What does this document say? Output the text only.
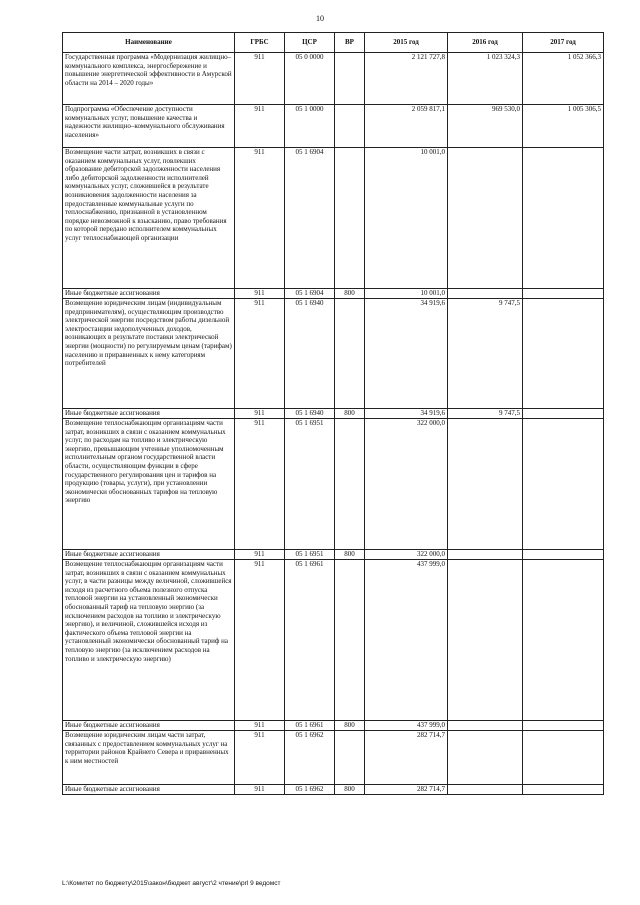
10
Наименование	ГРБС	ЦСР	ВР	2015 год	2016 год	2017 год
Государственная программа «Модернизация жилищно–коммунального комплекса, энергосбережение и повышение энергетической эффективности в Амурской области на 2014 – 2020 годы»	911	05 0 0000		2 121 727,8	1 023 324,3	1 052 366,3
Подпрограмма «Обеспечение доступности коммунальных услуг, повышение качества и надежности жилищно–коммунального обслуживания населения»	911	05 1 0000		2 059 817,1	969 530,0	1 005 306,5
Возмещение части затрат, возникших в связи с оказанием коммунальных услуг, повлекших образование дебиторской задолженности населения либо дебиторской задолженности исполнителей коммунальных услуг, сложившейся в результате возникновения задолженности населения за предоставленные коммунальные услуги по теплоснабжению, признанной в установленном порядке невозможной к взысканию, право требования по которой передано исполнителем коммунальных услуг теплоснабжающей организации	911	05 1 6904		10 001,0		
Иные бюджетные ассигнования	911	05 1 6904	800	10 001,0		
Возмещение юридическим лицам (индивидуальным предпринимателям), осуществляющим производство электрической энергии посредством работы дизельной электростанции недополученных доходов, возникающих в результате поставки электрической энергии (мощности) по регулируемым ценам (тарифам) населению и приравненных к нему категориям потребителей	911	05 1 6940		34 919,6	9 747,5	
Иные бюджетные ассигнования	911	05 1 6940	800	34 919,6	9 747,5	
Возмещение теплоснабжающим организациям части затрат, возникших в связи с оказанием коммунальных услуг, по расходам на топливо и электрическую энергию, превышающим учтенные уполномоченным исполнительным органом государственной власти области, осуществляющим функции в сфере государственного регулирования цен и тарифов на продукцию (товары, услуги), при установлении экономически обоснованных тарифов на тепловую энергию	911	05 1 6951		322 000,0		
Иные бюджетные ассигнования	911	05 1 6951	800	322 000,0		
Возмещение теплоснабжающим организациям части затрат, возникших в связи с оказанием коммунальных услуг, в части разницы между величиной, сложившейся исходя из расчетного объема полезного отпуска тепловой энергии на установленный экономически обоснованный тариф на тепловую энергию (за исключением расходов на топливо и электрическую энергию), и величиной, сложившейся исходя из фактического объема тепловой энергии на установленный экономически обоснованный тариф на тепловую энергию (за исключением расходов на топливо и электрическую энергию)	911	05 1 6961		437 999,0		
Иные бюджетные ассигнования	911	05 1 6961	800	437 999,0		
Возмещение юридическим лицам части затрат, связанных с предоставлением коммунальных услуг на территории районов Крайнего Севера и приравненных к ним местностей	911	05 1 6962		282 714,7		
Иные бюджетные ассигнования	911	05 1 6962	800	282 714,7		
L:\Комитет по бюджету\2015\закон\бюджет август\2 чтение\prl 9 ведомст
